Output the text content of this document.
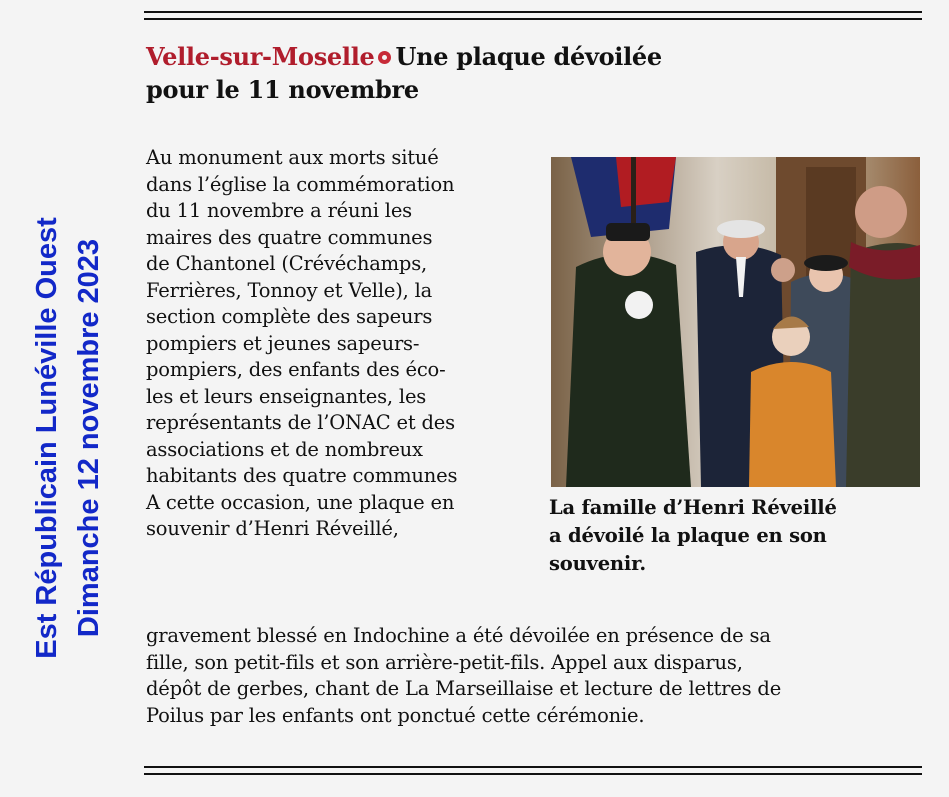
Est Républicain Lunéville Ouest Dimanche 12 novembre 2023
Velle-sur-Moselle Une plaque dévoilée
pour le 11 novembre
Au monument aux morts situé
dans l’église la commémoration
du 11 novembre a réuni les
maires des quatre communes
de Chantonel (Crévéchamps,
Ferrières, Tonnoy et Velle), la
section complète des sapeurs
pompiers et jeunes sapeurs-
pompiers, des enfants des éco-
les et leurs enseignantes, les
représentants de l’ONAC et des
associations et de nombreux
habitants des quatre communes
A cette occasion, une plaque en
souvenir d’Henri Réveillé,
La famille d’Henri Réveillé
a dévoilé la plaque en son
souvenir.
gravement blessé en Indochine a été dévoilée en présence de sa
fille, son petit-fils et son arrière-petit-fils. Appel aux disparus,
dépôt de gerbes, chant de La Marseillaise et lecture de lettres de
Poilus par les enfants ont ponctué cette cérémonie.
